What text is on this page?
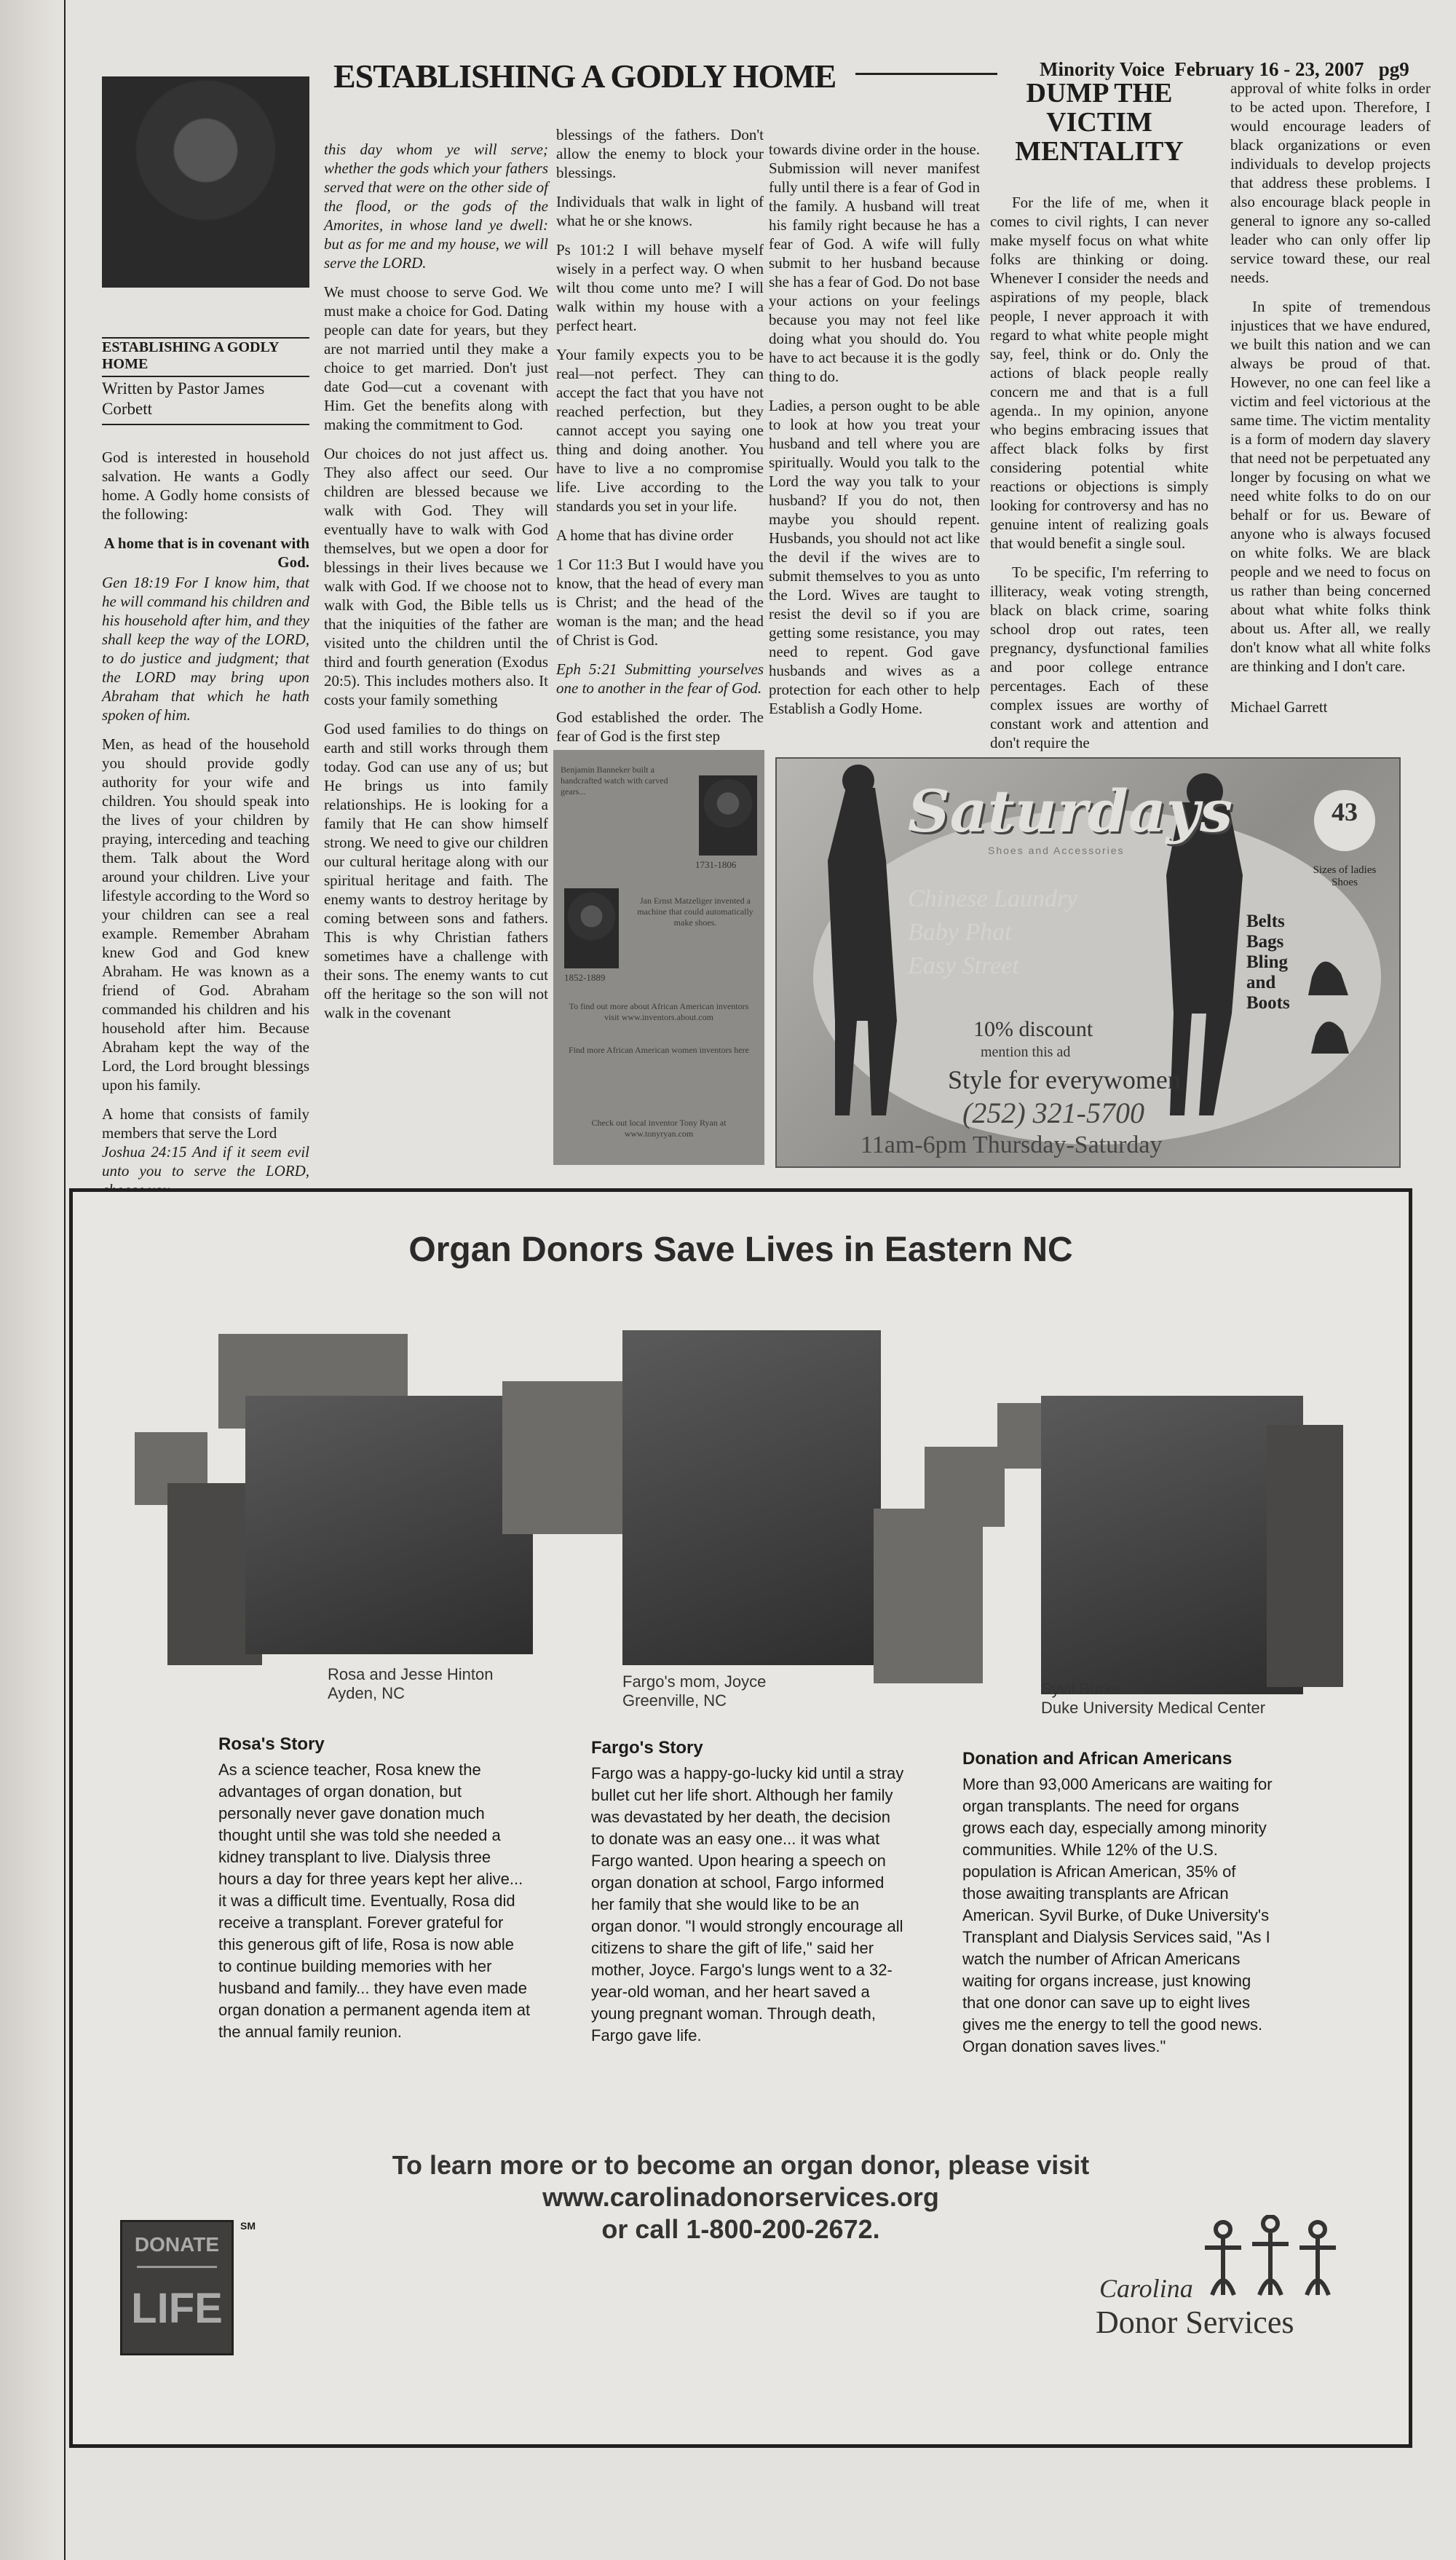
ESTABLISHING A GODLY HOME	Minority Voice February 16 - 23, 2007 pg9
ESTABLISHING A GODLY HOME
Written by Pastor James Corbett

God is interested in household salvation. He wants a Godly home. A Godly home consists of the following:

A home that is in covenant with God.

Gen 18:19 For I know him, that he will command his children and his household after him, and they shall keep the way of the LORD, to do justice and judgment; that the LORD may bring upon Abraham that which he hath spoken of him.

Men, as head of the household you should provide godly authority for your wife and children. You should speak into the lives of your children by praying, interceding and teaching them. Talk about the Word around your children. Live your lifestyle according to the Word so your children can see a real example. Remember Abraham knew God and God knew Abraham. He was known as a friend of God. Abraham commanded his children and his household after him. Because Abraham kept the way of the Lord, the Lord brought blessings upon his family.

A home that consists of family members that serve the Lord

Joshua 24:15 And if it seem evil unto you to serve the LORD,

this day whom ye will serve; whether the gods which your fathers served that were on the other side of the flood, or the gods of the Amorites, in whose land ye dwell: but as for me and my house, we will serve the LORD.

We must choose to serve God. We must make a choice for God. Dating people can date for years, but they are not married until they make a choice to get married. Don't just date God—cut a covenant with Him. Get the benefits along with making the commitment to God.

Our choices do not just affect us. They also affect our seed. Our children are blessed because we walk with God. They will eventually have to walk with God themselves, but we open a door for blessings in their lives because we walk with God. If we choose not to walk with God, the Bible tells us that the iniquities of the father are visited unto the children until the third and fourth generation (Exodus 20:5). This includes mothers also. It costs your family something

God used families to do things on earth and still works through them today. God can use any of us; but He brings us into family relationships. He is looking for a family that He can show himself strong. We need to give our children our cultural heritage along with our spiritual heritage and faith. The enemy wants to destroy heritage by coming between sons and fathers. This is why Christian fathers sometimes have a challenge with their sons. The enemy wants to cut off the heritage so the son will not walk in the covenant

blessings of the fathers. Don't allow the enemy to block your blessings.

Individuals that walk in light of what he or she knows.

Ps 101:2 I will behave myself wisely in a perfect way. O when wilt thou come unto me? I will walk within my house with a perfect heart.

Your family expects you to be real—not perfect. They can accept the fact that you have not reached perfection, but they cannot accept you saying one thing and doing another. You have to live a no compromise life. Live according to the standards you set in your life.

A home that has divine order

1 Cor 11:3 But I would have you know, that the head of every man is Christ; and the head of the woman is the man; and the head of Christ is God.

Eph 5:21 Submitting yourselves one to another in the fear of God.

God established the order. The fear of God is the first step

towards divine order in the house. Submission will never manifest fully until there is a fear of God in the family. A husband will treat his family right because he has a fear of God. A wife will fully submit to her husband because she has a fear of God. Do not base your actions on your feelings because you may not feel like doing what you should do. You have to act because it is the godly thing to do.

Ladies, a person ought to be able to look at how you treat your husband and tell where you are spiritually. Would you talk to the Lord the way you talk to your husband? If you do not, then maybe you should repent. Husbands, you should not act like the devil if the wives are to submit themselves to you as unto the Lord. Wives are taught to resist the devil so if you are getting some resistance, you may need to repent. God gave husbands and wives as a protection for each other to help Establish a Godly Home.

DUMP THE VICTIM MENTALITY

For the life of me, when it comes to civil rights, I can never make myself focus on what white folks are thinking or doing. Whenever I consider the needs and aspirations of my people, black people, I never approach it with regard to what white people might say, feel, think or do. Only the actions of black people really concern me and that is a full agenda.. In my opinion, anyone who begins embracing issues that affect black folks by first considering potential white reactions or objections is simply looking for controversy and has no genuine intent of realizing goals that would benefit a single soul.

To be specific, I'm referring to illiteracy, weak voting strength, black on black crime, soaring school drop out rates, teen pregnancy, dysfunctional families and poor college entrance percentages. Each of these complex issues are worthy of constant work and attention and don't require the

approval of white folks in order to be acted upon. Therefore, I would encourage leaders of black organizations or even individuals to develop projects that address these problems. I also encourage black people in general to ignore any so-called leader who can only offer lip service toward these, our real needs.

In spite of tremendous injustices that we have endured, we built this nation and we can always be proud of that. However, no one can feel like a victim and feel victorious at the same time. The victim mentality is a form of modern day slavery that need not be perpetuated any longer by focusing on what we need white folks to do on our behalf or for us. Beware of anyone who is always focused on white folks. We are black people and we need to focus on us rather than being concerned about what white folks think about us. After all, we really don't know what all white folks are thinking and I don't care.

Michael Garrett

Benjamin Banneker built a handcrafted watch with carved gears...
1731-1806
1852-1889
Jan Ernst Matzeliger invented a machine that could automatically make shoes.
To find out more about African American inventors visit www.inventors.about.com
Find more African American women inventors here
Check out local inventor Tony Ryan at www.tonyryan.com
Saturdays
Shoes and Accessories
43
Sizes of ladies Shoes
Chinese Laundry
Baby Phat
Easy Street
Belts
Bags
Bling
and
Boots
10% discount
mention this ad
Style for everywomen
(252) 321-5700
11am-6pm Thursday-Saturday
Organ Donors Save Lives in Eastern NC
Rosa and Jesse Hinton
Ayden, NC
Fargo's mom, Joyce
Greenville, NC
Syvil Burke
Duke University Medical Center
Rosa's Story
As a science teacher, Rosa knew the advantages of organ donation, but personally never gave donation much thought until she was told she needed a kidney transplant to live. Dialysis three hours a day for three years kept her alive... it was a difficult time. Eventually, Rosa did receive a transplant. Forever grateful for this generous gift of life, Rosa is now able to continue building memories with her husband and family... they have even made organ donation a permanent agenda item at the annual family reunion.
Fargo's Story
Fargo was a happy-go-lucky kid until a stray bullet cut her life short. Although her family was devastated by her death, the decision to donate was an easy one... it was what Fargo wanted. Upon hearing a speech on organ donation at school, Fargo informed her family that she would like to be an organ donor. "I would strongly encourage all citizens to share the gift of life," said her mother, Joyce. Fargo's lungs went to a 32-year-old woman, and her heart saved a young pregnant woman. Through death, Fargo gave life.
Donation and African Americans
More than 93,000 Americans are waiting for organ transplants. The need for organs grows each day, especially among minority communities. While 12% of the U.S. population is African American, 35% of those awaiting transplants are African American. Syvil Burke, of Duke University's Transplant and Dialysis Services said, "As I watch the number of African Americans waiting for organs increase, just knowing that one donor can save up to eight lives gives me the energy to tell the good news. Organ donation saves lives."
To learn more or to become an organ donor, please visit
www.carolinadonorservices.org
or call 1-800-200-2672.
DONATE
LIFE
SM
Carolina
Donor Services
